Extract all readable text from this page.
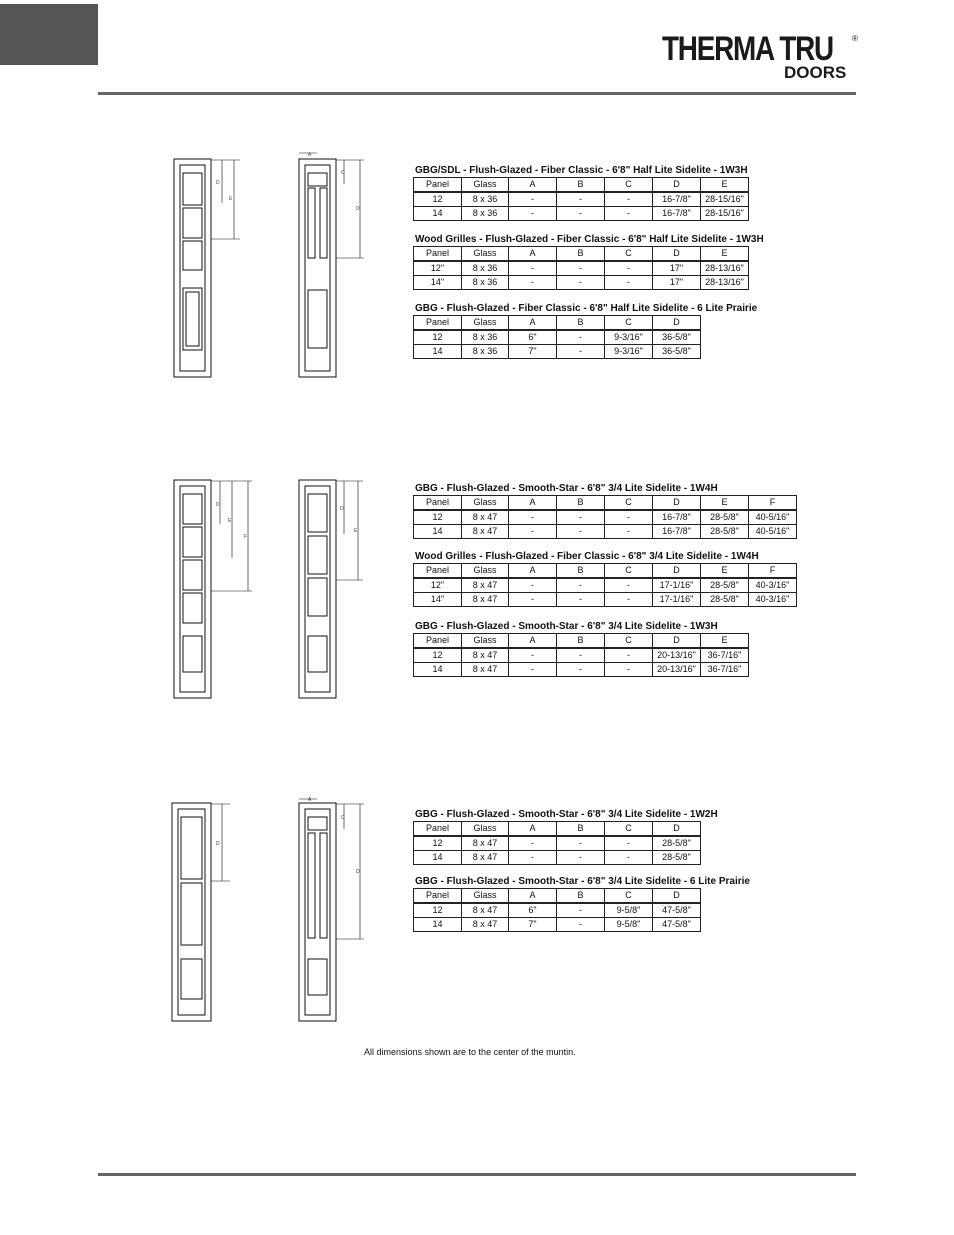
THERMA TRU ®
DOORS
D
E
A
C
D
D
E
F
D
E
D
A
C
D
GBG/SDL - Flush-Glazed - Fiber Classic - 6'8" Half Lite Sidelite - 1W3H
Panel	Glass	A	B	C	D	E
12	8 x 36	-	-	-	16-7/8"	28-15/16"
14	8 x 36	-	-	-	16-7/8"	28-15/16"
Wood Grilles - Flush-Glazed - Fiber Classic - 6'8" Half Lite Sidelite - 1W3H
Panel	Glass	A	B	C	D	E
12"	8 x 36	-	-	-	17"	28-13/16"
14"	8 x 36	-	-	-	17"	28-13/16"
GBG - Flush-Glazed - Fiber Classic - 6'8" Half Lite Sidelite - 6 Lite Prairie
Panel	Glass	A	B	C	D
12	8 x 36	6"	-	9-3/16"	36-5/8"
14	8 x 36	7"	-	9-3/16"	36-5/8"
GBG - Flush-Glazed - Smooth-Star - 6'8" 3/4 Lite Sidelite - 1W4H
Panel	Glass	A	B	C	D	E	F
12	8 x 47	-	-	-	16-7/8"	28-5/8"	40-5/16"
14	8 x 47	-	-	-	16-7/8"	28-5/8"	40-5/16"
Wood Grilles - Flush-Glazed - Fiber Classic - 6'8" 3/4 Lite Sidelite - 1W4H
Panel	Glass	A	B	C	D	E	F
12"	8 x 47	-	-	-	17-1/16"	28-5/8"	40-3/16"
14"	8 x 47	-	-	-	17-1/16"	28-5/8"	40-3/16"
GBG - Flush-Glazed - Smooth-Star - 6'8" 3/4 Lite Sidelite - 1W3H
Panel	Glass	A	B	C	D	E
12	8 x 47	-	-	-	20-13/16"	36-7/16"
14	8 x 47	-	-	-	20-13/16"	36-7/16"
GBG - Flush-Glazed - Smooth-Star - 6'8" 3/4 Lite Sidelite - 1W2H
Panel	Glass	A	B	C	D
12	8 x 47	-	-	-	28-5/8"
14	8 x 47	-	-	-	28-5/8"
GBG - Flush-Glazed - Smooth-Star - 6'8" 3/4 Lite Sidelite - 6 Lite Prairie
Panel	Glass	A	B	C	D
12	8 x 47	6"	-	9-5/8"	47-5/8"
14	8 x 47	7"	-	9-5/8"	47-5/8"
All dimensions shown are to the center of the muntin.
